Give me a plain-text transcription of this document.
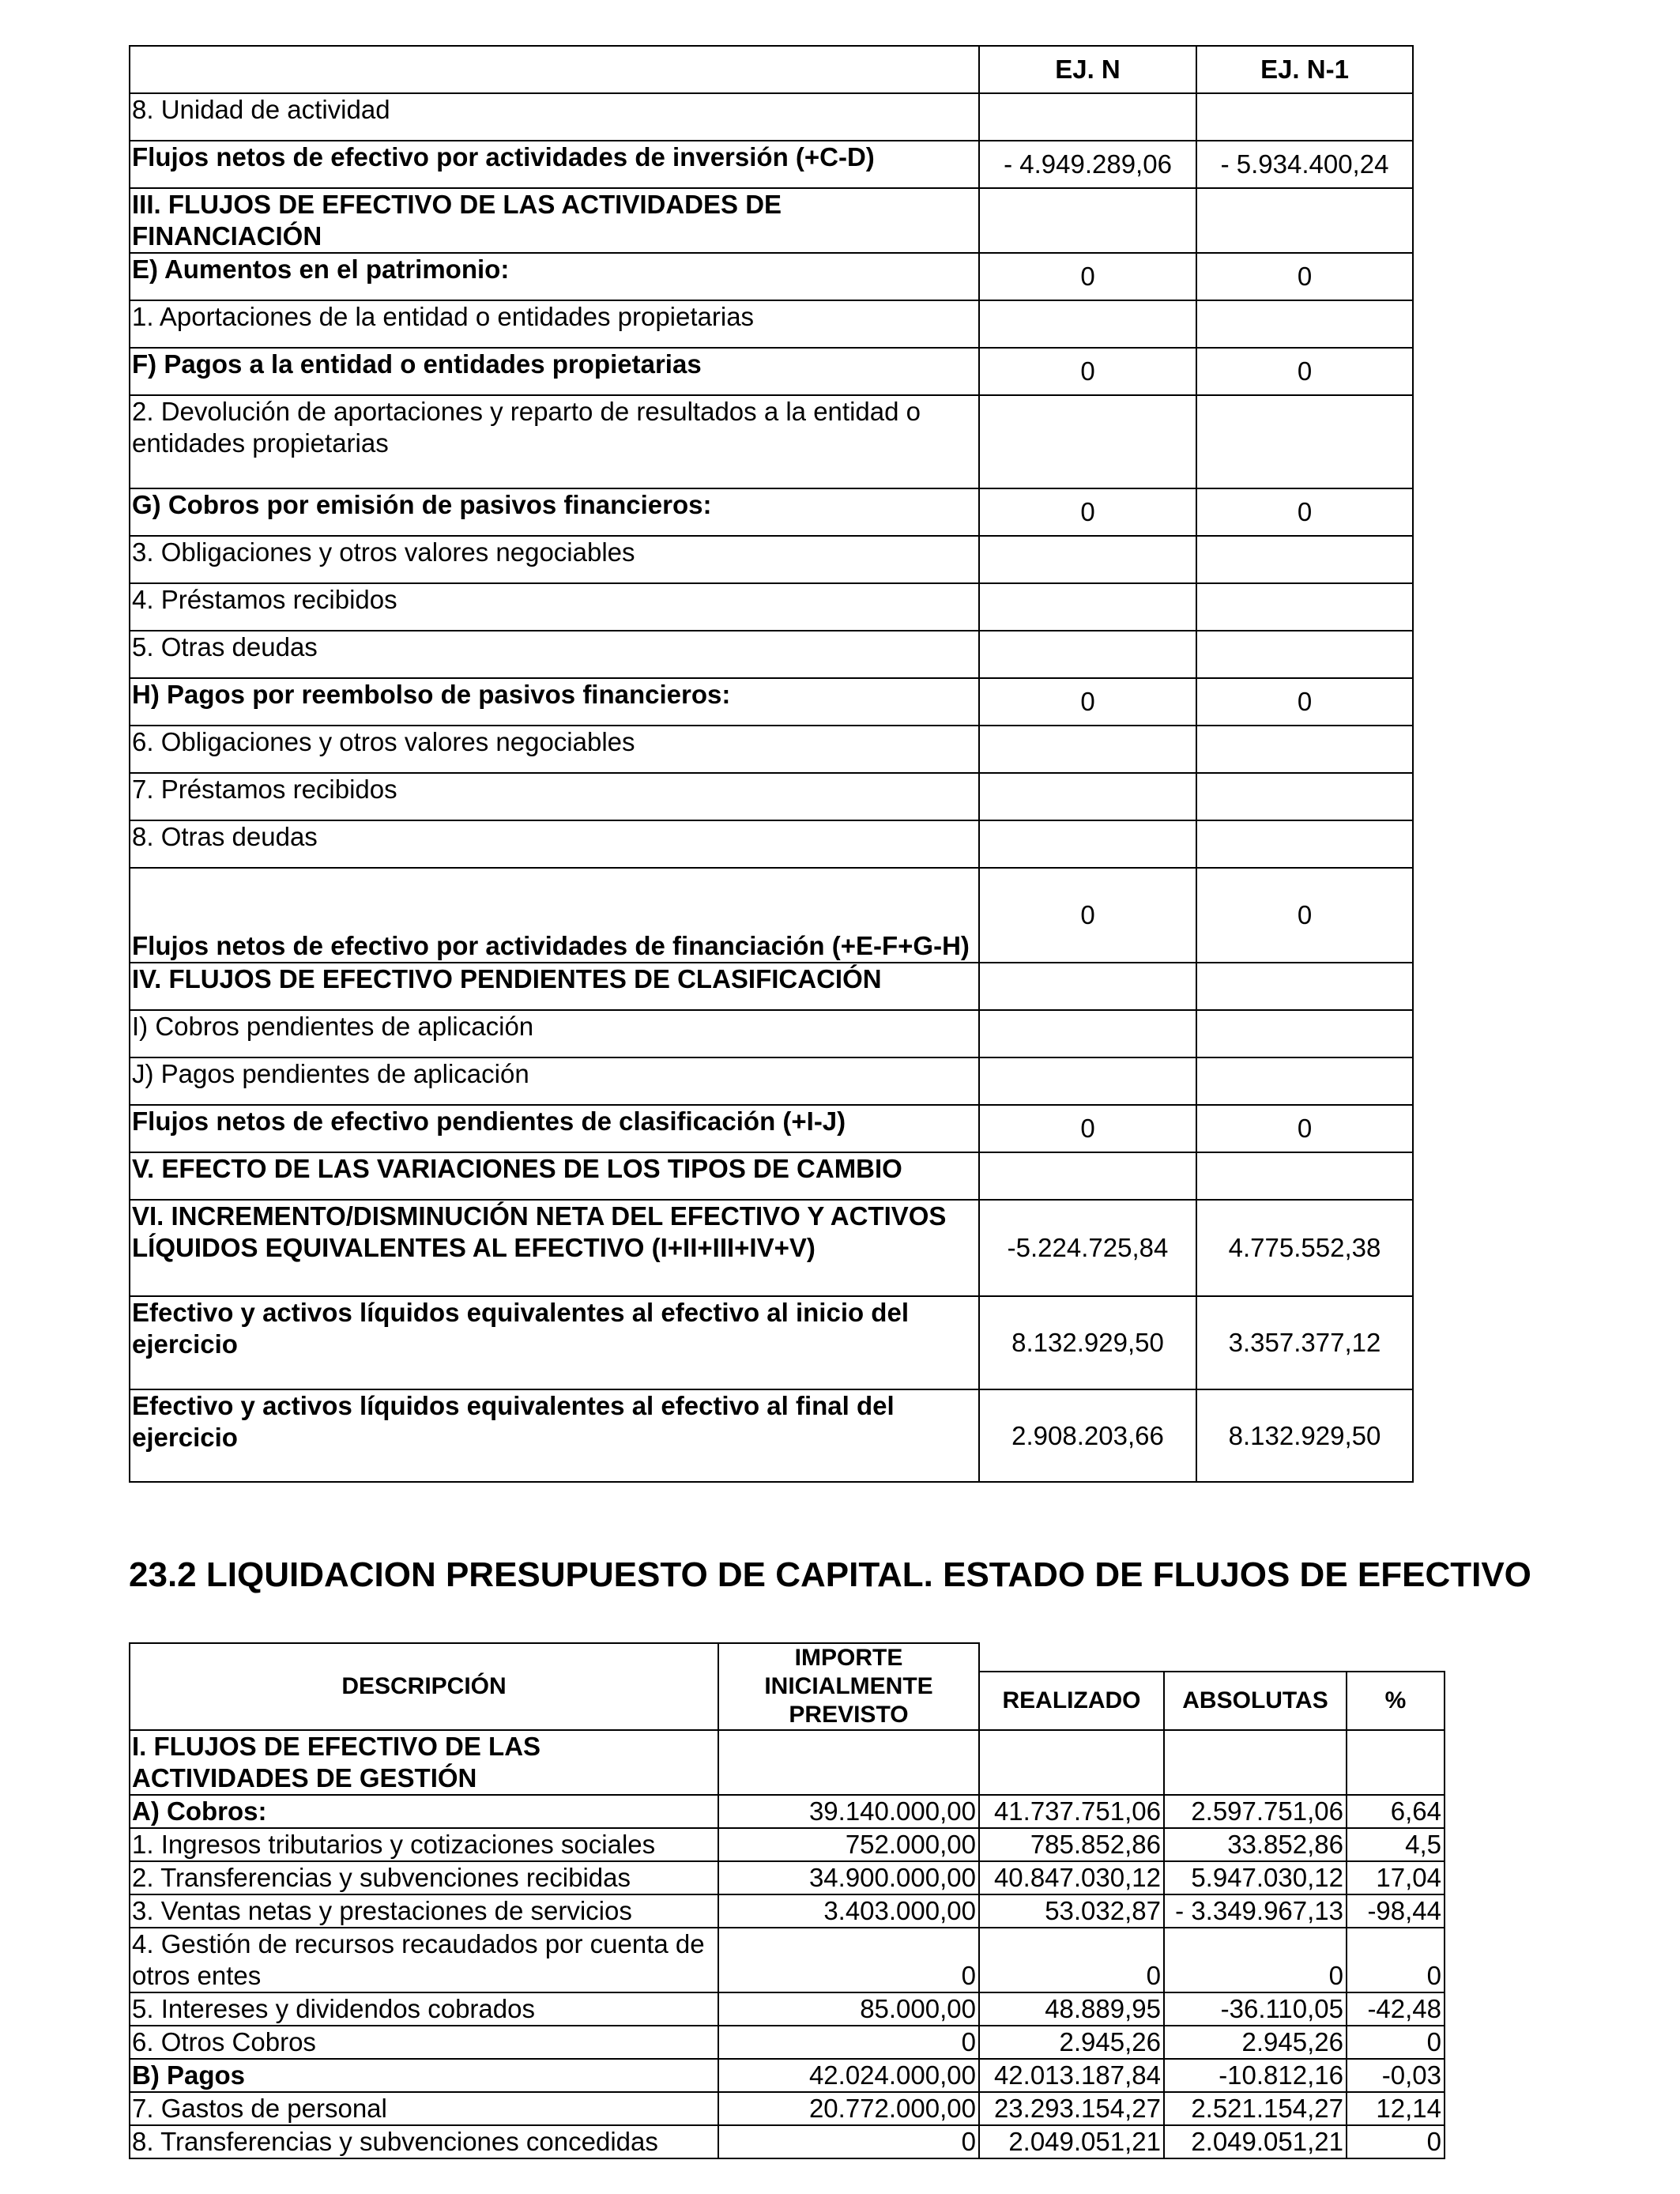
	EJ. N	EJ. N-1
8. Unidad de actividad		
Flujos netos de efectivo por actividades de inversión (+C-D)	- 4.949.289,06	- 5.934.400,24
III. FLUJOS DE EFECTIVO DE LAS ACTIVIDADES DE FINANCIACIÓN		
E) Aumentos en el patrimonio:	0	0
1. Aportaciones de la entidad o entidades propietarias		
F) Pagos a la entidad o entidades propietarias	0	0
2. Devolución de aportaciones y reparto de resultados a la entidad o entidades propietarias		
G) Cobros por emisión de pasivos financieros:	0	0
3. Obligaciones y otros valores negociables		
4. Préstamos recibidos		
5. Otras deudas		
H) Pagos por reembolso de pasivos financieros:	0	0
6. Obligaciones y otros valores negociables		
7. Préstamos recibidos		
8. Otras deudas		
Flujos netos de efectivo por actividades de financiación (+E-F+G-H)	0	0
IV. FLUJOS DE EFECTIVO PENDIENTES DE CLASIFICACIÓN		
I) Cobros pendientes de aplicación		
J) Pagos pendientes de aplicación		
Flujos netos de efectivo pendientes de clasificación (+I-J)	0	0
V. EFECTO DE LAS VARIACIONES DE LOS TIPOS DE CAMBIO		
VI. INCREMENTO/DISMINUCIÓN NETA DEL EFECTIVO Y ACTIVOS LÍQUIDOS EQUIVALENTES AL EFECTIVO (I+II+III+IV+V)	-5.224.725,84	4.775.552,38
Efectivo y activos líquidos equivalentes al efectivo al inicio del ejercicio	8.132.929,50	3.357.377,12
Efectivo y activos líquidos equivalentes al efectivo al final del ejercicio	2.908.203,66	8.132.929,50
23.2 LIQUIDACION PRESUPUESTO DE CAPITAL. ESTADO DE FLUJOS DE EFECTIVO
DESCRIPCIÓN	IMPORTE INICIALMENTE PREVISTO			
		REALIZADO	ABSOLUTAS	%
I. FLUJOS DE EFECTIVO DE LAS ACTIVIDADES DE GESTIÓN				
A) Cobros:	39.140.000,00	41.737.751,06	2.597.751,06	6,64
1. Ingresos tributarios y cotizaciones sociales	752.000,00	785.852,86	33.852,86	4,5
2. Transferencias y subvenciones recibidas	34.900.000,00	40.847.030,12	5.947.030,12	17,04
3. Ventas netas y prestaciones de servicios	3.403.000,00	53.032,87	- 3.349.967,13	-98,44
4. Gestión de recursos recaudados por cuenta de otros entes	0	0	0	0
5. Intereses y dividendos cobrados	85.000,00	48.889,95	-36.110,05	-42,48
6. Otros Cobros	0	2.945,26	2.945,26	0
B) Pagos	42.024.000,00	42.013.187,84	-10.812,16	-0,03
7. Gastos de personal	20.772.000,00	23.293.154,27	2.521.154,27	12,14
8. Transferencias y subvenciones concedidas	0	2.049.051,21	2.049.051,21	0
